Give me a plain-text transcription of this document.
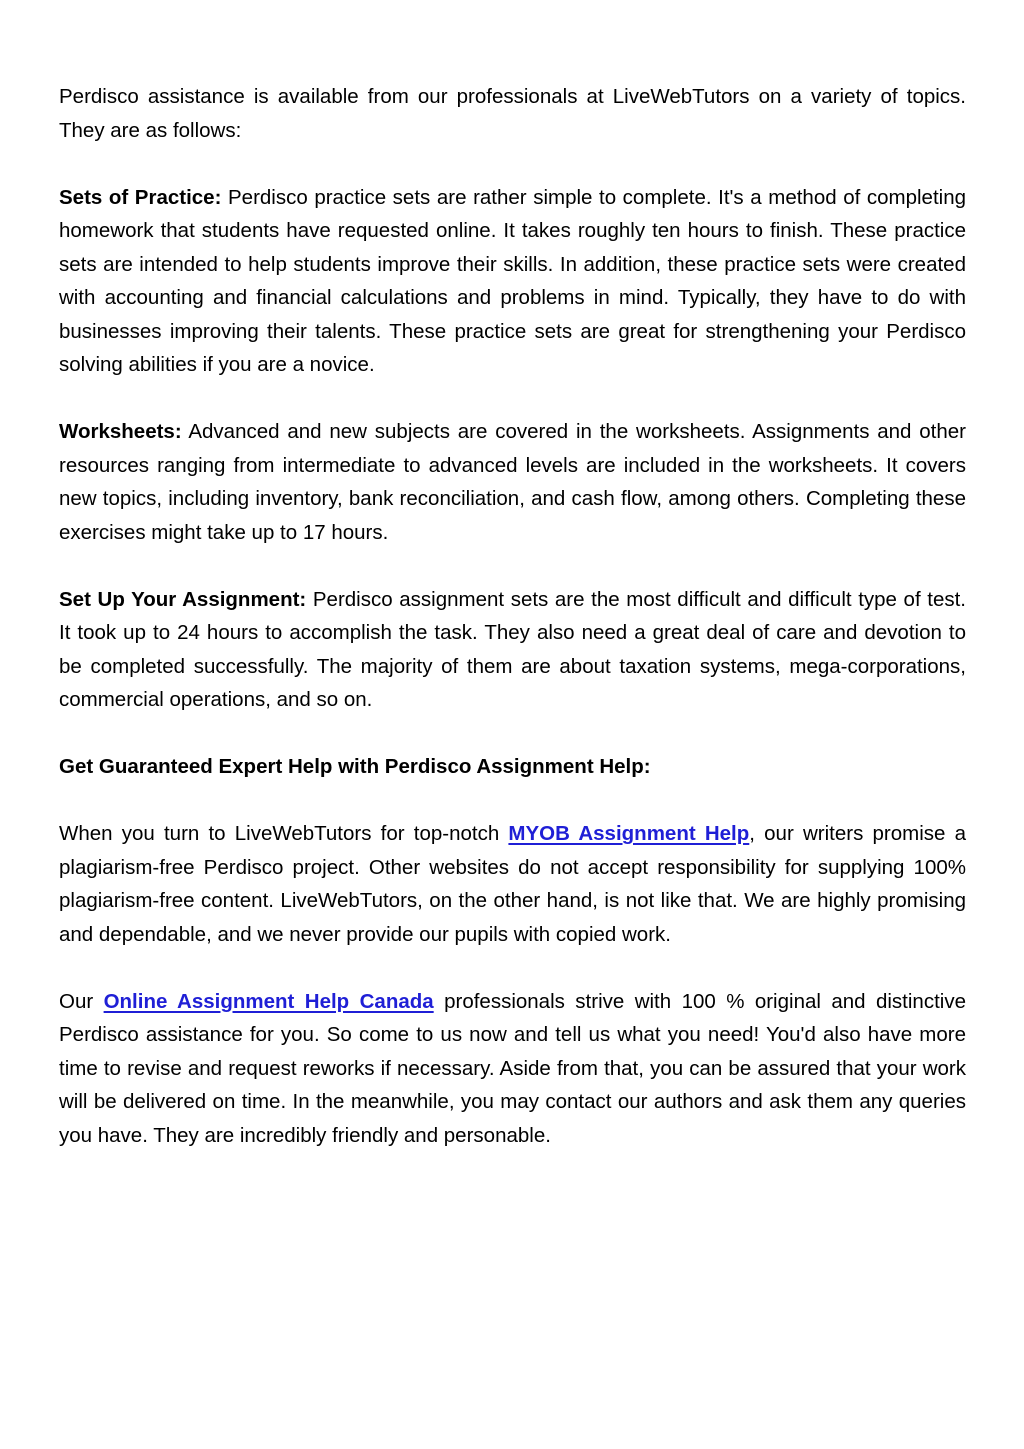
Perdisco assistance is available from our professionals at LiveWebTutors on a variety of topics. They are as follows:

Sets of Practice: Perdisco practice sets are rather simple to complete. It's a method of completing homework that students have requested online. It takes roughly ten hours to finish. These practice sets are intended to help students improve their skills. In addition, these practice sets were created with accounting and financial calculations and problems in mind. Typically, they have to do with businesses improving their talents. These practice sets are great for strengthening your Perdisco solving abilities if you are a novice.

Worksheets: Advanced and new subjects are covered in the worksheets. Assignments and other resources ranging from intermediate to advanced levels are included in the worksheets. It covers new topics, including inventory, bank reconciliation, and cash flow, among others. Completing these exercises might take up to 17 hours.

Set Up Your Assignment: Perdisco assignment sets are the most difficult and difficult type of test. It took up to 24 hours to accomplish the task. They also need a great deal of care and devotion to be completed successfully. The majority of them are about taxation systems, mega-corporations, commercial operations, and so on.

Get Guaranteed Expert Help with Perdisco Assignment Help:

When you turn to LiveWebTutors for top-notch MYOB Assignment Help, our writers promise a plagiarism-free Perdisco project. Other websites do not accept responsibility for supplying 100% plagiarism-free content. LiveWebTutors, on the other hand, is not like that. We are highly promising and dependable, and we never provide our pupils with copied work.

Our Online Assignment Help Canada professionals strive with 100 % original and distinctive Perdisco assistance for you. So come to us now and tell us what you need! You'd also have more time to revise and request reworks if necessary. Aside from that, you can be assured that your work will be delivered on time. In the meanwhile, you may contact our authors and ask them any queries you have. They are incredibly friendly and personable.
